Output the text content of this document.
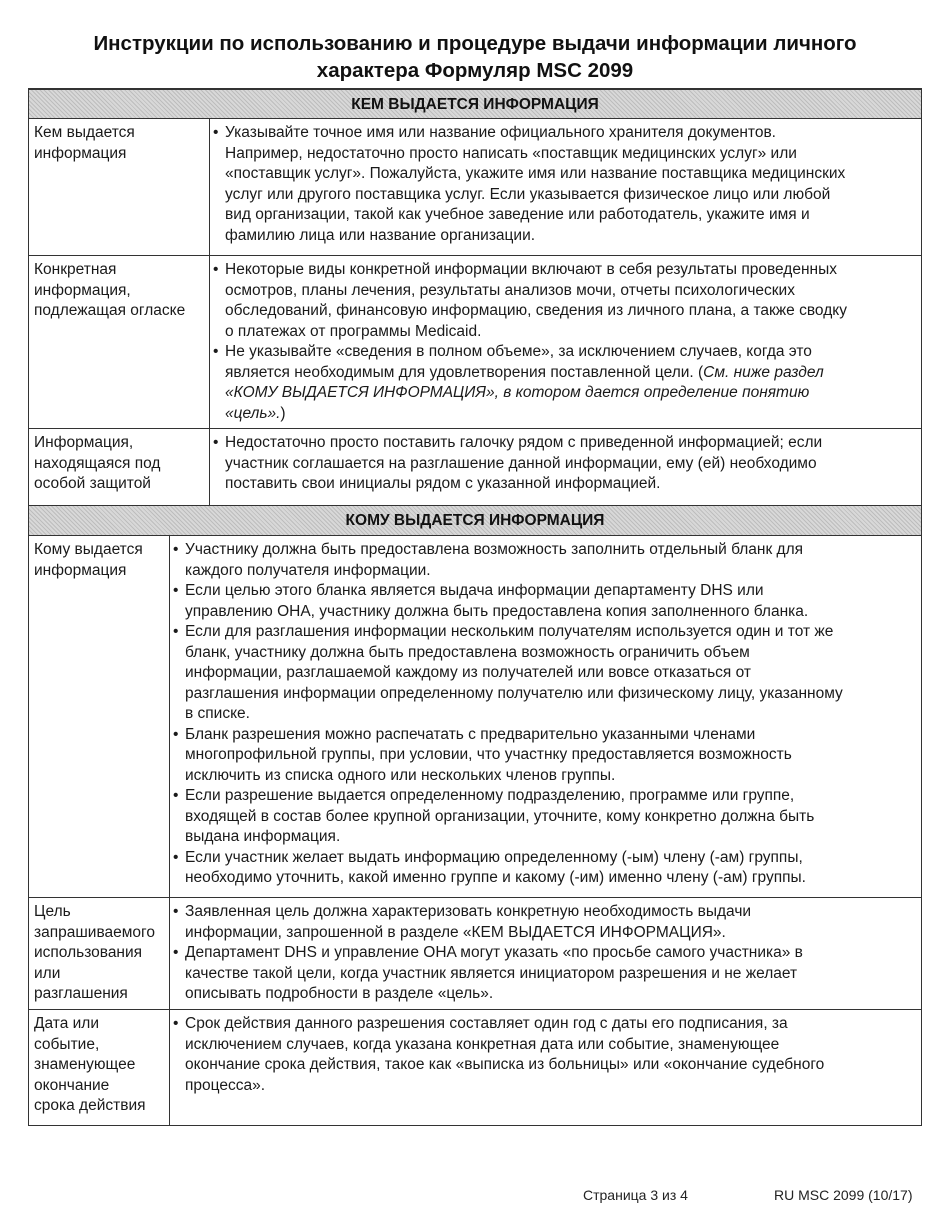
Инструкции по использованию и процедуре выдачи информации личного
характера Формуляр MSC 2099
КЕМ ВЫДАЕТСЯ ИНФОРМАЦИЯ
Кем выдается
информация
• Указывайте точное имя или название официального хранителя документов.
Например, недостаточно просто написать «поставщик медицинских услуг» или
«поставщик услуг». Пожалуйста, укажите имя или название поставщика медицинских
услуг или другого поставщика услуг. Если указывается физическое лицо или любой
вид организации, такой как учебное заведение или работодатель, укажите имя и
фамилию лица или название организации.
Конкретная
информация,
подлежащая огласке
• Некоторые виды конкретной информации включают в себя результаты проведенных
осмотров, планы лечения, результаты анализов мочи, отчеты психологических
обследований, финансовую информацию, сведения из личного плана, а также сводку
о платежах от программы Medicaid.
• Не указывайте «сведения в полном объеме», за исключением случаев, когда это
является необходимым для удовлетворения поставленной цели. (См. ниже раздел
«КОМУ ВЫДАЕТСЯ ИНФОРМАЦИЯ», в котором дается определение понятию
«цель».)
Информация,
находящаяся под
особой защитой
• Недостаточно просто поставить галочку рядом с приведенной информацией; если
участник соглашается на разглашение данной информации, ему (ей) необходимо
поставить свои инициалы рядом с указанной информацией.
КОМУ ВЫДАЕТСЯ ИНФОРМАЦИЯ
Кому выдается
информация
• Участнику должна быть предоставлена возможность заполнить отдельный бланк для
каждого получателя информации.
• Если целью этого бланка является выдача информации департаменту DHS или
управлению OHA, участнику должна быть предоставлена копия заполненного бланка.
• Если для разглашения информации нескольким получателям используется один и тот же
бланк, участнику должна быть предоставлена возможность ограничить объем
информации, разглашаемой каждому из получателей или вовсе отказаться от
разглашения информации определенному получателю или физическому лицу, указанному
в списке.
• Бланк разрешения можно распечатать с предварительно указанными членами
многопрофильной группы, при условии, что участнку предоставляется возможность
исключить из списка одного или нескольких членов группы.
• Если разрешение выдается определенному подразделению, программе или группе,
входящей в состав более крупной организации, уточните, кому конкретно должна быть
выдана информация.
• Если участник желает выдать информацию определенному (-ым) члену (-ам) группы,
необходимо уточнить, какой именно группе и какому (-им) именно члену (-ам) группы.
Цель
запрашиваемого
использования
или
разглашения
• Заявленная цель должна характеризовать конкретную необходимость выдачи
информации, запрошенной в разделе «КЕМ ВЫДАЕТСЯ ИНФОРМАЦИЯ».
• Департамент DHS и управление OHA могут указать «по просьбе самого участника» в
качестве такой цели, когда участник является инициатором разрешения и не желает
описывать подробности в разделе «цель».
Дата или
событие,
знаменующее
окончание
срока действия
• Срок действия данного разрешения составляет один год с даты его подписания, за
исключением случаев, когда указана конкретная дата или событие, знаменующее
окончание срока действия, такое как «выписка из больницы» или «окончание судебного
процесса».
Страница 3 из 4	RU MSC 2099 (10/17)
